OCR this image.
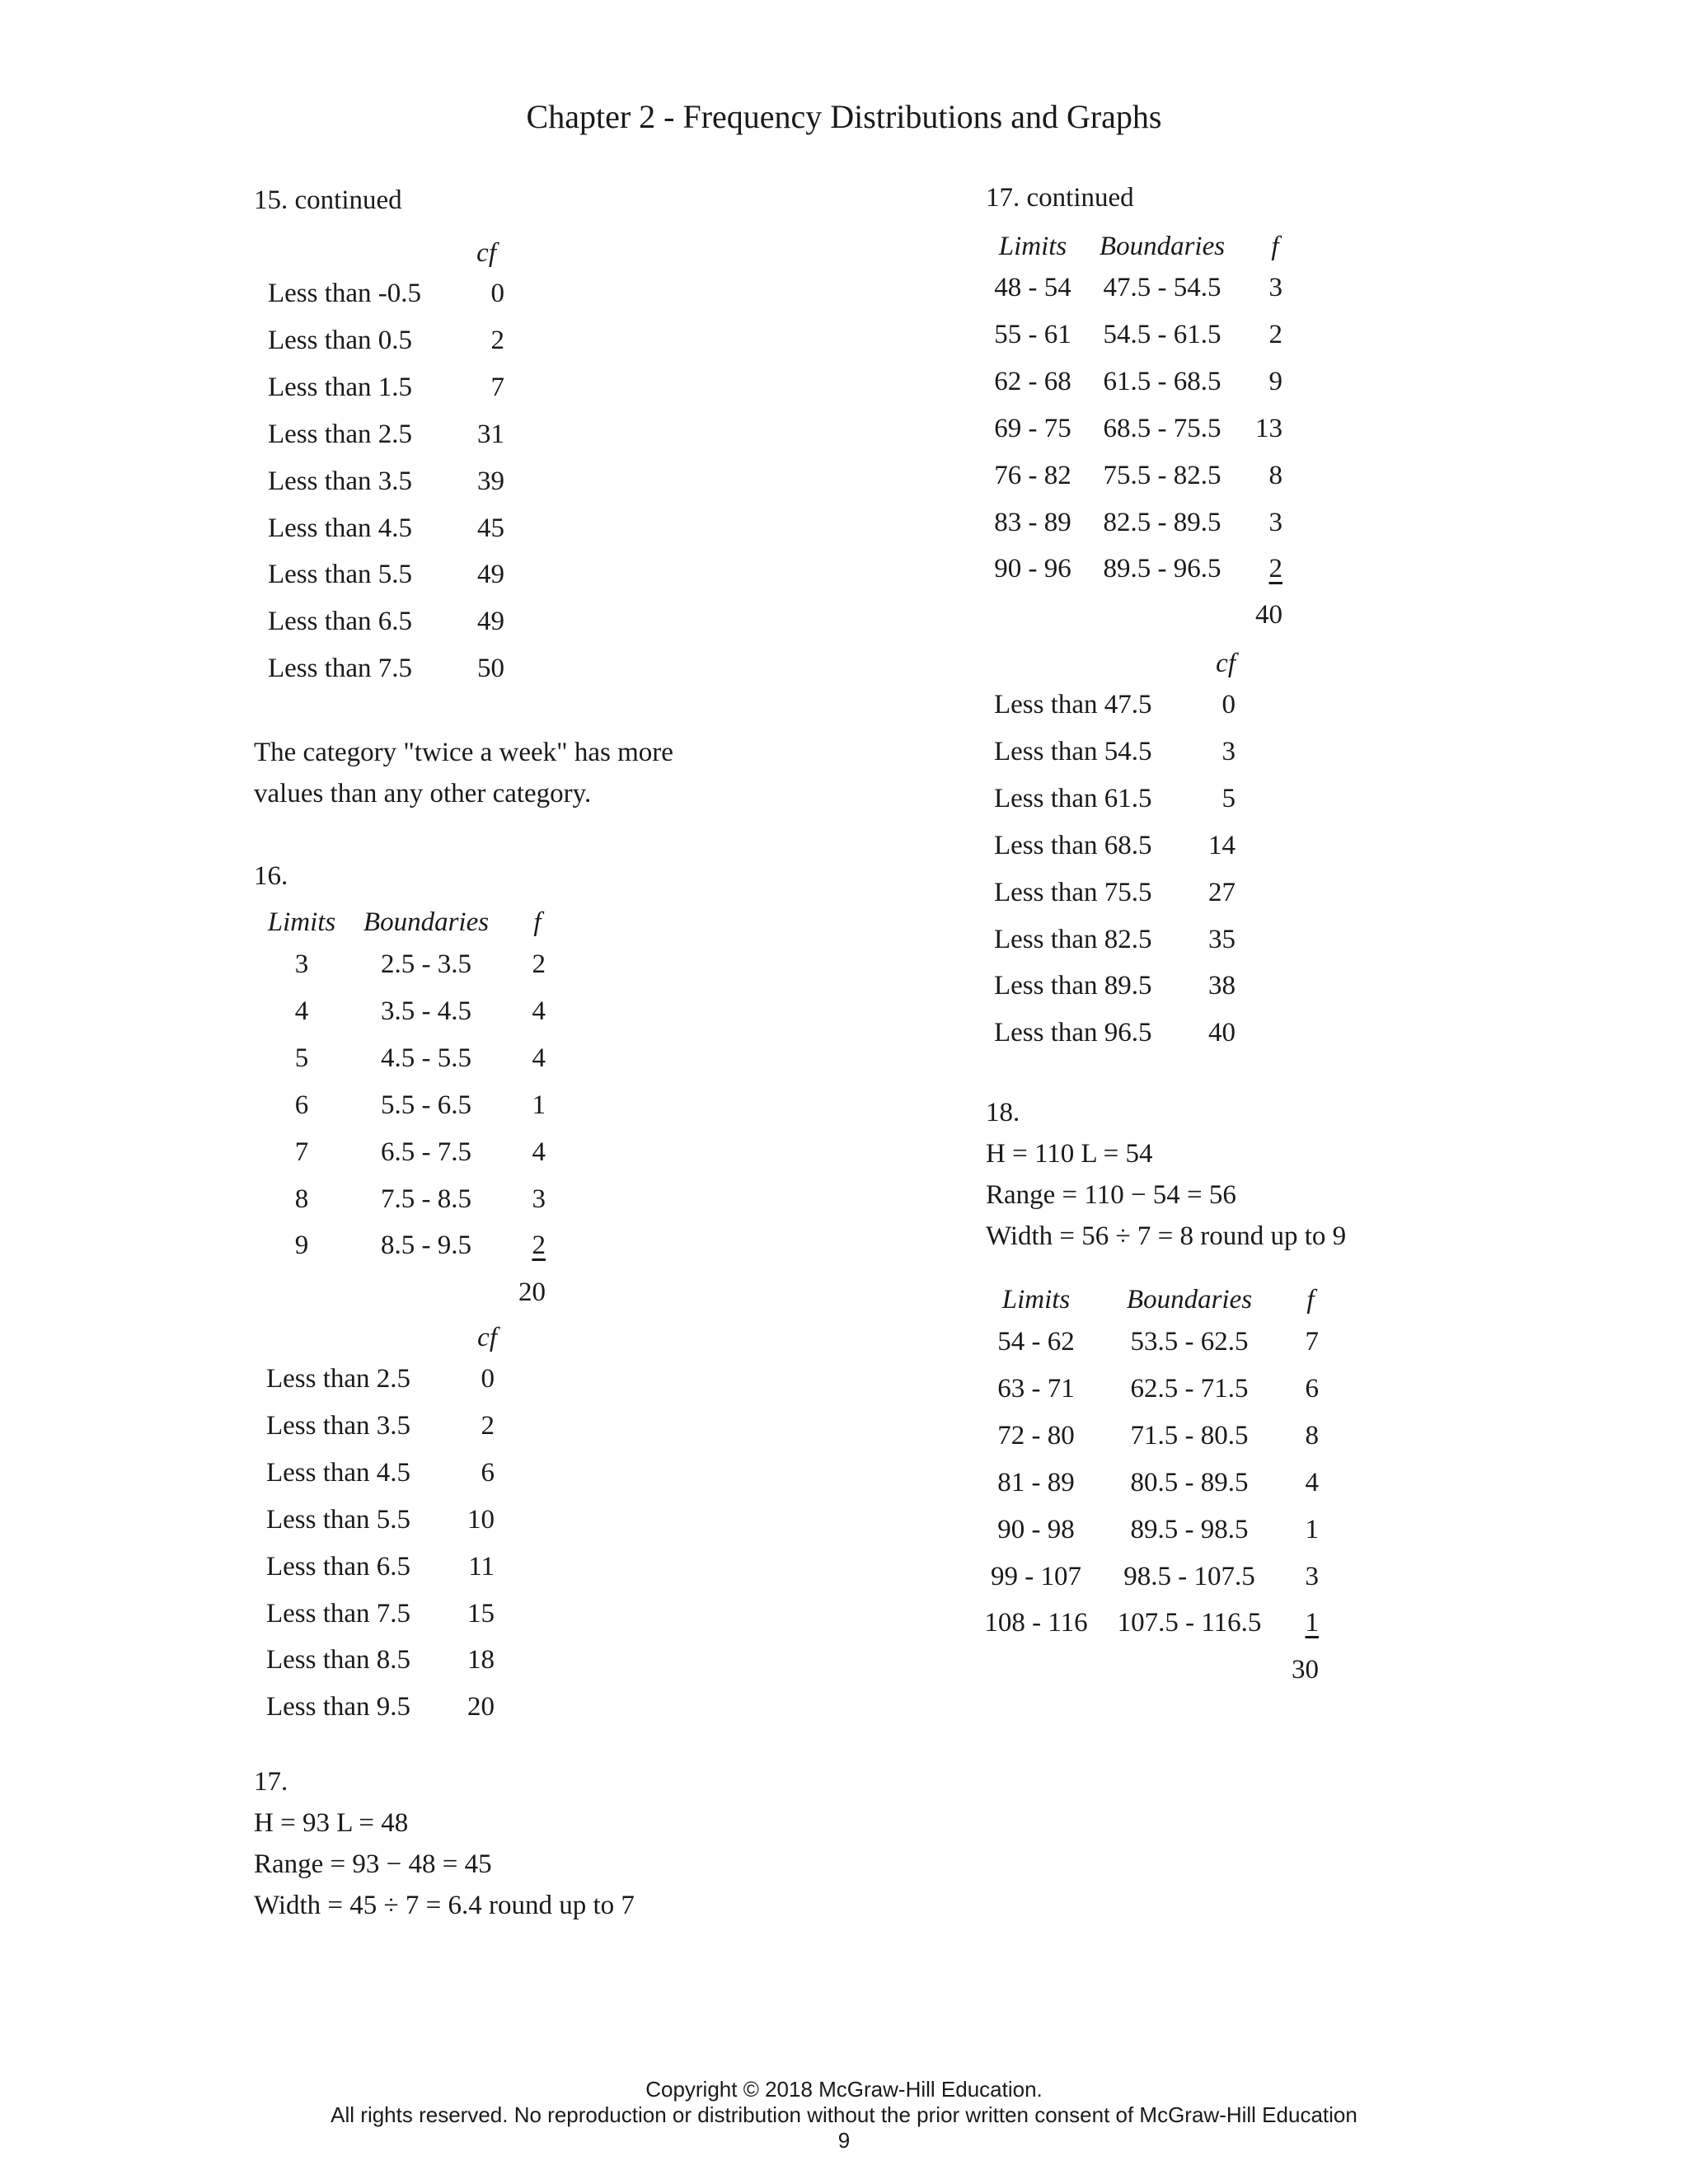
Chapter 2 - Frequency Distributions and Graphs
15. continued
cf
Less than -0.5	0
Less than 0.5	2
Less than 1.5	7
Less than 2.5 31
Less than 3.5 39
Less than 4.5 45
Less than 5.5 49
Less than 6.5 49
Less than 7.5 50
The category "twice a week" has more
values than any other category.
16.
Limits	Boundaries	f
3	2.5 - 3.5	2
4	3.5 - 4.5	4
5	4.5 - 5.5	4
6	5.5 - 6.5	1
7	6.5 - 7.5	4
8	7.5 - 8.5	3
9	8.5 - 9.5	2
20
cf
Less than 2.5	0
Less than 3.5	2
Less than 4.5	6
Less than 5.5 10
Less than 6.5 11
Less than 7.5 15
Less than 8.5 18
Less than 9.5 20
17.
H = 93 L = 48
Range = 93 − 48 = 45
Width = 45 ÷ 7 = 6.4 round up to 7
17. continued
Limits	Boundaries	f
48 - 54	47.5 - 54.5	3
55 - 61	54.5 - 61.5	2
62 - 68	61.5 - 68.5	9
69 - 75	68.5 - 75.5	13
76 - 82	75.5 - 82.5	8
83 - 89	82.5 - 89.5	3
90 - 96	89.5 - 96.5	2
40
cf
Less than 47.5	0
Less than 54.5	3
Less than 61.5	5
Less than 68.5 14
Less than 75.5 27
Less than 82.5 35
Less than 89.5 38
Less than 96.5 40
18.
H = 110 L = 54
Range = 110 − 54 = 56
Width = 56 ÷ 7 = 8 round up to 9
Limits	Boundaries	f
54 - 62	53.5 - 62.5	7
63 - 71	62.5 - 71.5	6
72 - 80	71.5 - 80.5	8
81 - 89	80.5 - 89.5	4
90 - 98	89.5 - 98.5	1
99 - 107	98.5 - 107.5	3
108 - 116	107.5 - 116.5	1
30
Copyright © 2018 McGraw-Hill Education.
All rights reserved. No reproduction or distribution without the prior written consent of McGraw-Hill Education
9
